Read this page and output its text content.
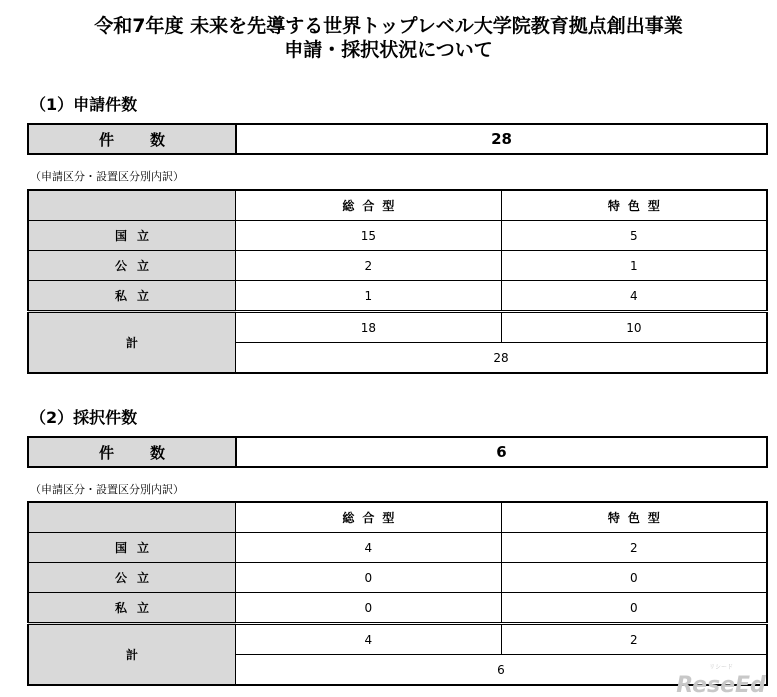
令和7年度 未来を先導する世界トップレベル大学院教育拠点創出事業
申請・採択状況について
（1）申請件数
件数	28
（申請区分・設置区分別内訳）
	総合型	特色型
国立	15	5
公立	2	1
私立	1	4
計	18	10
	28	
（2）採択件数
件数	6
（申請区分・設置区分別内訳）
	総合型	特色型
国立	4	2
公立	0	0
私立	0	0
計	4	2
	6		リシード
ReseEd
